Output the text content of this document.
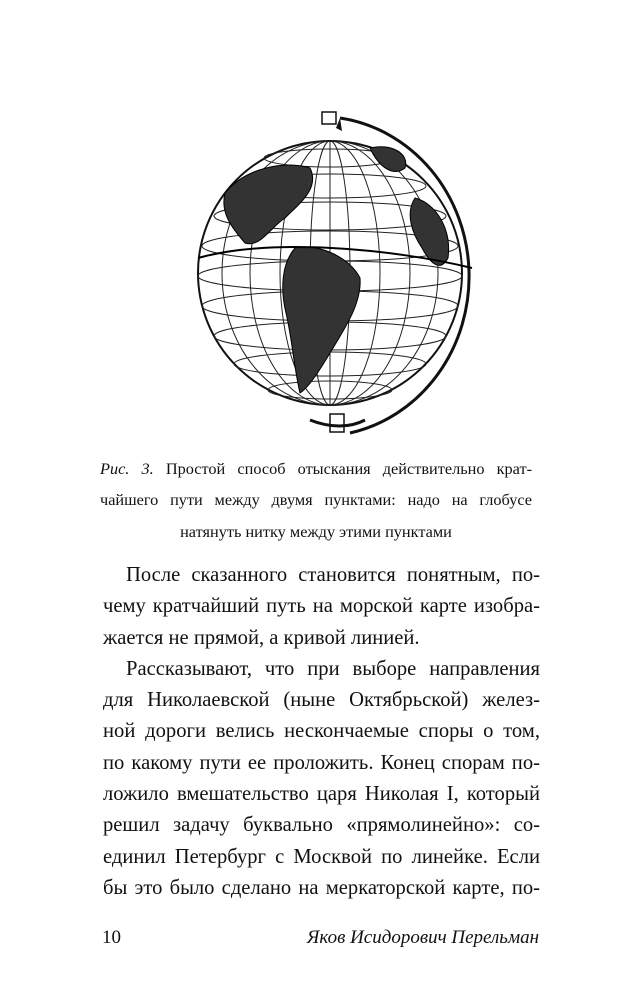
Рис. 3. Простой способ отыскания действительно крат-
чайшего пути между двумя пунктами: надо на глобусе
натянуть нитку между этими пунктами
После сказанного становится понятным, по-
чему кратчайший путь на морской карте изобра-
жается не прямой, а кривой линией.
Рассказывают, что при выборе направления
для Николаевской (ныне Октябрьской) желез-
ной дороги велись нескончаемые споры о том,
по какому пути ее проложить. Конец спорам по-
ложило вмешательство царя Николая I, который
решил задачу буквально «прямолинейно»: со-
единил Петербург с Москвой по линейке. Если
бы это было сделано на меркаторской карте, по-
10	Яков Исидорович Перельман
